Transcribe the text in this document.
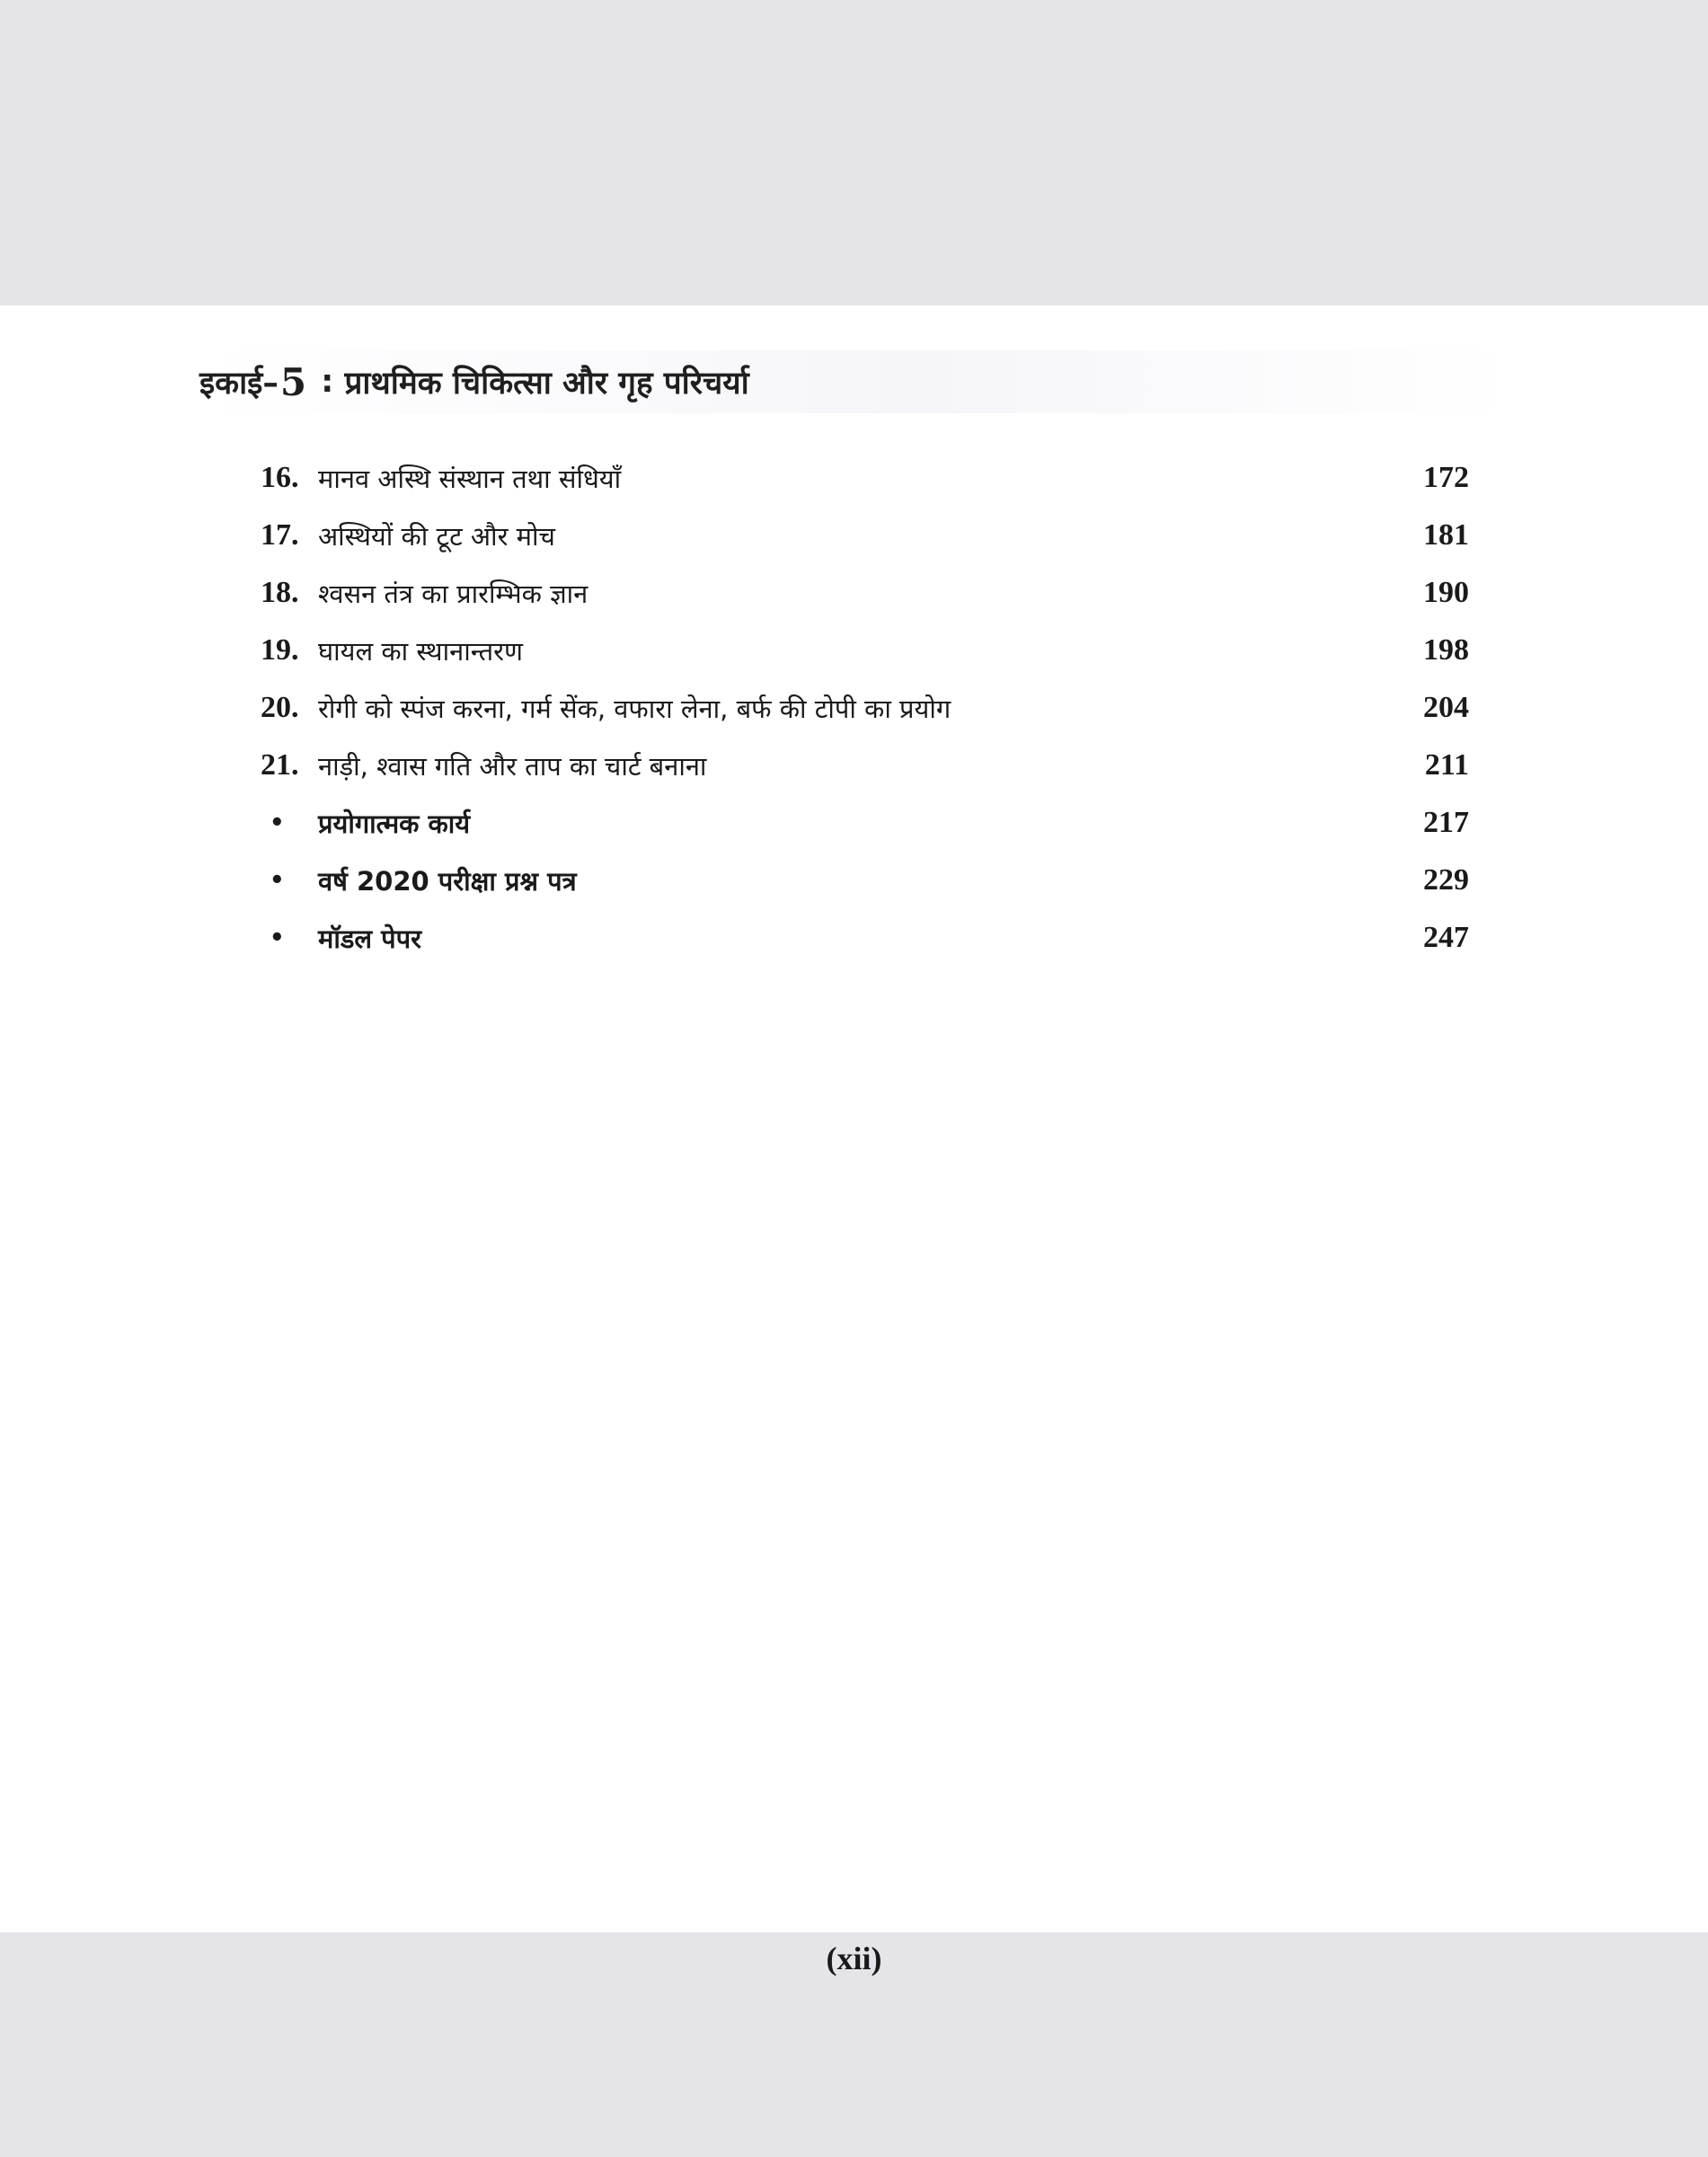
इकाई– 5 : प्राथमिक चिकित्सा और गृह परिचर्या
16. मानव अस्थि संस्थान तथा संधियाँ	172
17. अस्थियों की टूट और मोच	181
18. श्वसन तंत्र का प्रारम्भिक ज्ञान	190
19. घायल का स्थानान्तरण	198
20. रोगी को स्पंज करना, गर्म सेंक, वफारा लेना, बर्फ की टोपी का प्रयोग	204
21. नाड़ी, श्वास गति और ताप का चार्ट बनाना	211
•	प्रयोगात्मक कार्य	217
•	वर्ष 2020 परीक्षा प्रश्न पत्र	229
•	मॉडल पेपर	247
(xii)
